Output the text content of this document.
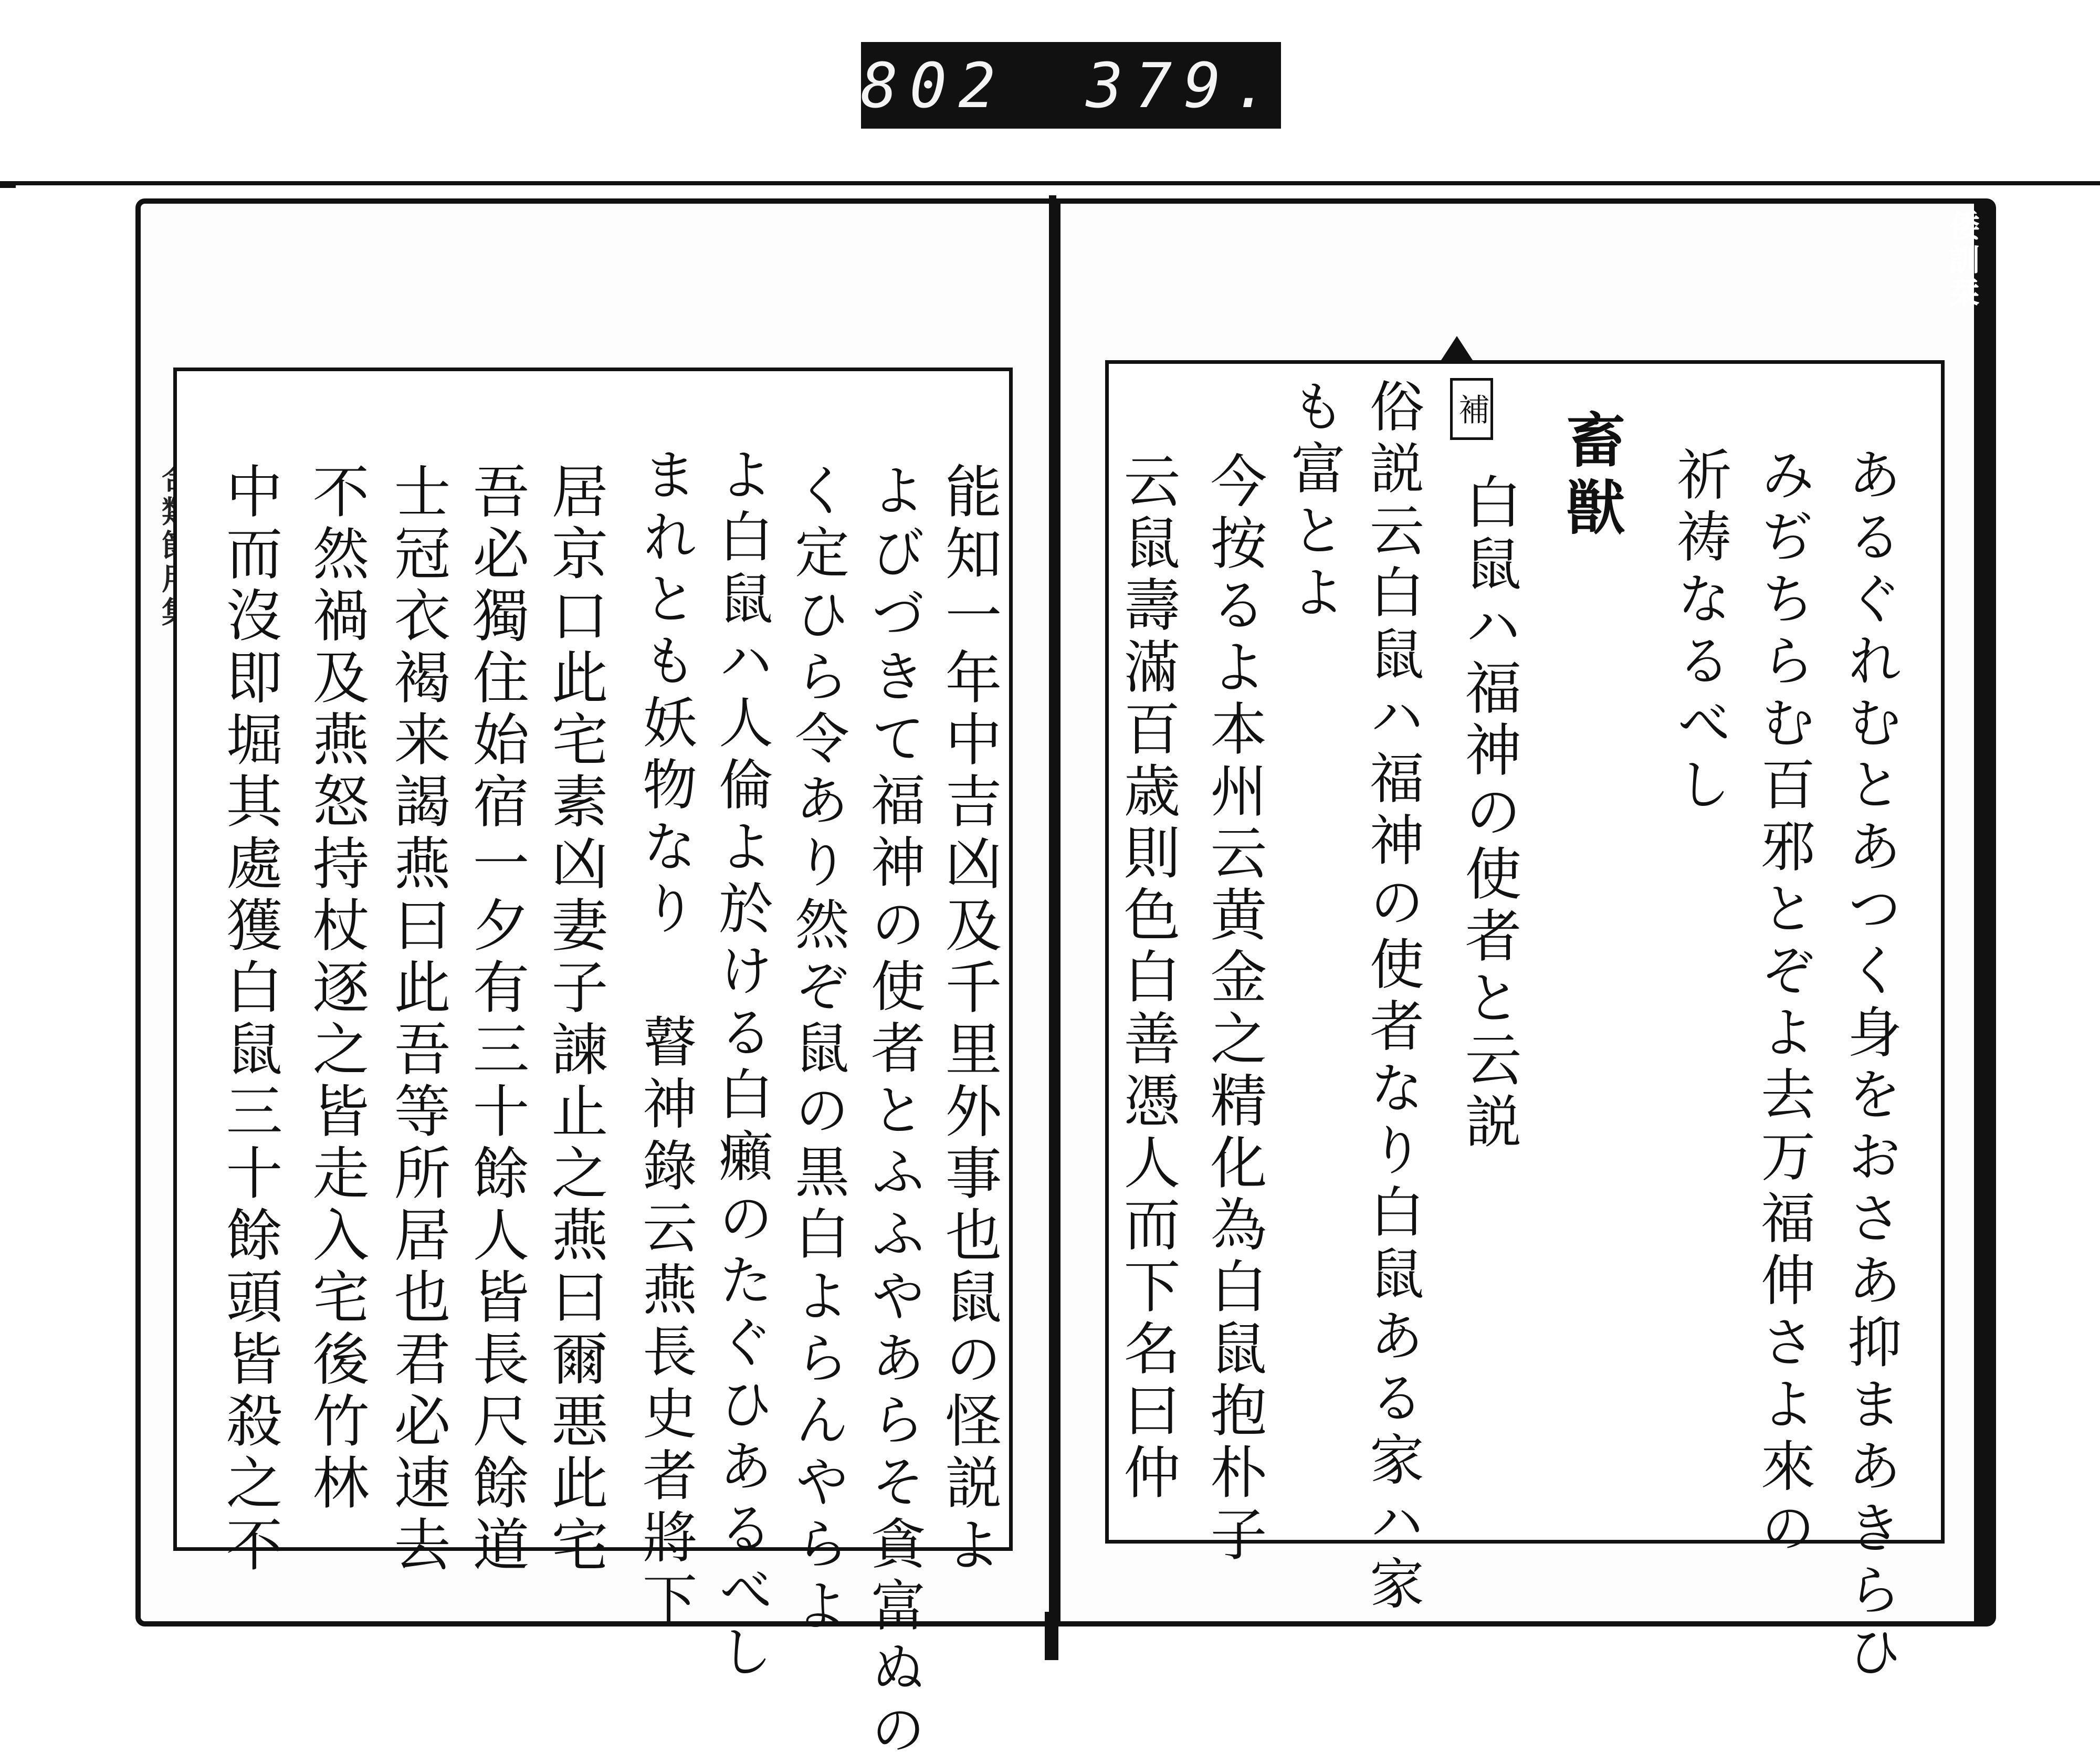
802 379.
倭訓栞
あるぐれむとあつく身をおさあ抑まあきらひ
みぢちらむ百邪とぞよ去万福伸さよ來の
祈祷なるべし
畜獣
補
白鼠ハ福神の使者と云説
俗説云白鼠ハ福神の使者なり白鼠ある家ハ家
も富とよ
今按るよ本州云黄金之精化為白鼠抱朴子
云鼠壽滿百歳則色白善憑人而下名曰仲
能知一年中吉凶及千里外事也鼠の怪説よ
よびづきて福神の使者とふふやあらそ貪富ぬの
く定ひら令あり然ぞ鼠の黒白よらんやらよ
よ白鼠ハ人倫よ於ける白癩のたぐひあるべし
まれとも妖物なり 瞽神錄云燕長史者將下
居京口此宅素凶妻子諫止之燕曰爾悪此宅
吾必獨住始宿一夕有三十餘人皆長尺餘道
士冠衣褐来謁燕曰此吾等所居也君必速去
不然禍及燕怒持杖逐之皆走入宅後竹林
中而沒即堀其處獲白鼠三十餘頭皆殺之不
